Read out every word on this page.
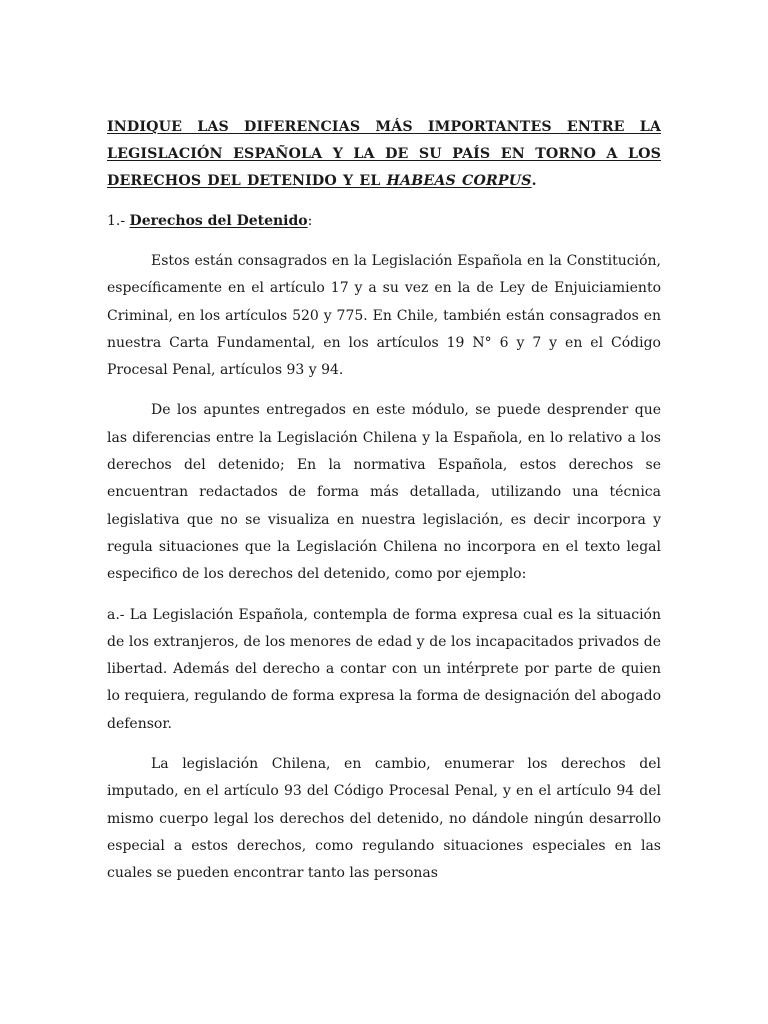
INDIQUE LAS DIFERENCIAS MÁS IMPORTANTES ENTRE LA LEGISLACIÓN ESPAÑOLA Y LA DE SU PAÍS EN TORNO A LOS DERECHOS DEL DETENIDO Y EL HABEAS CORPUS.
1.- Derechos del Detenido:

Estos están consagrados en la Legislación Española en la Constitución, específicamente en el artículo 17 y a su vez en la de Ley de Enjuiciamiento Criminal, en los artículos 520 y 775. En Chile, también están consagrados en nuestra Carta Fundamental, en los artículos 19 N° 6 y 7 y en el Código Procesal Penal, artículos 93 y 94.

De los apuntes entregados en este módulo, se puede desprender que las diferencias entre la Legislación Chilena y la Española, en lo relativo a los derechos del detenido; En la normativa Española, estos derechos se encuentran redactados de forma más detallada, utilizando una técnica legislativa que no se visualiza en nuestra legislación, es decir incorpora y regula situaciones que la Legislación Chilena no incorpora en el texto legal especifico de los derechos del detenido, como por ejemplo:

a.- La Legislación Española, contempla de forma expresa cual es la situación de los extranjeros, de los menores de edad y de los incapacitados privados de libertad. Además del derecho a contar con un intérprete por parte de quien lo requiera, regulando de forma expresa la forma de designación del abogado defensor.

La legislación Chilena, en cambio, enumerar los derechos del imputado, en el artículo 93 del Código Procesal Penal, y en el artículo 94 del mismo cuerpo legal los derechos del detenido, no dándole ningún desarrollo especial a estos derechos, como regulando situaciones especiales en las cuales se pueden encontrar tanto las personas
